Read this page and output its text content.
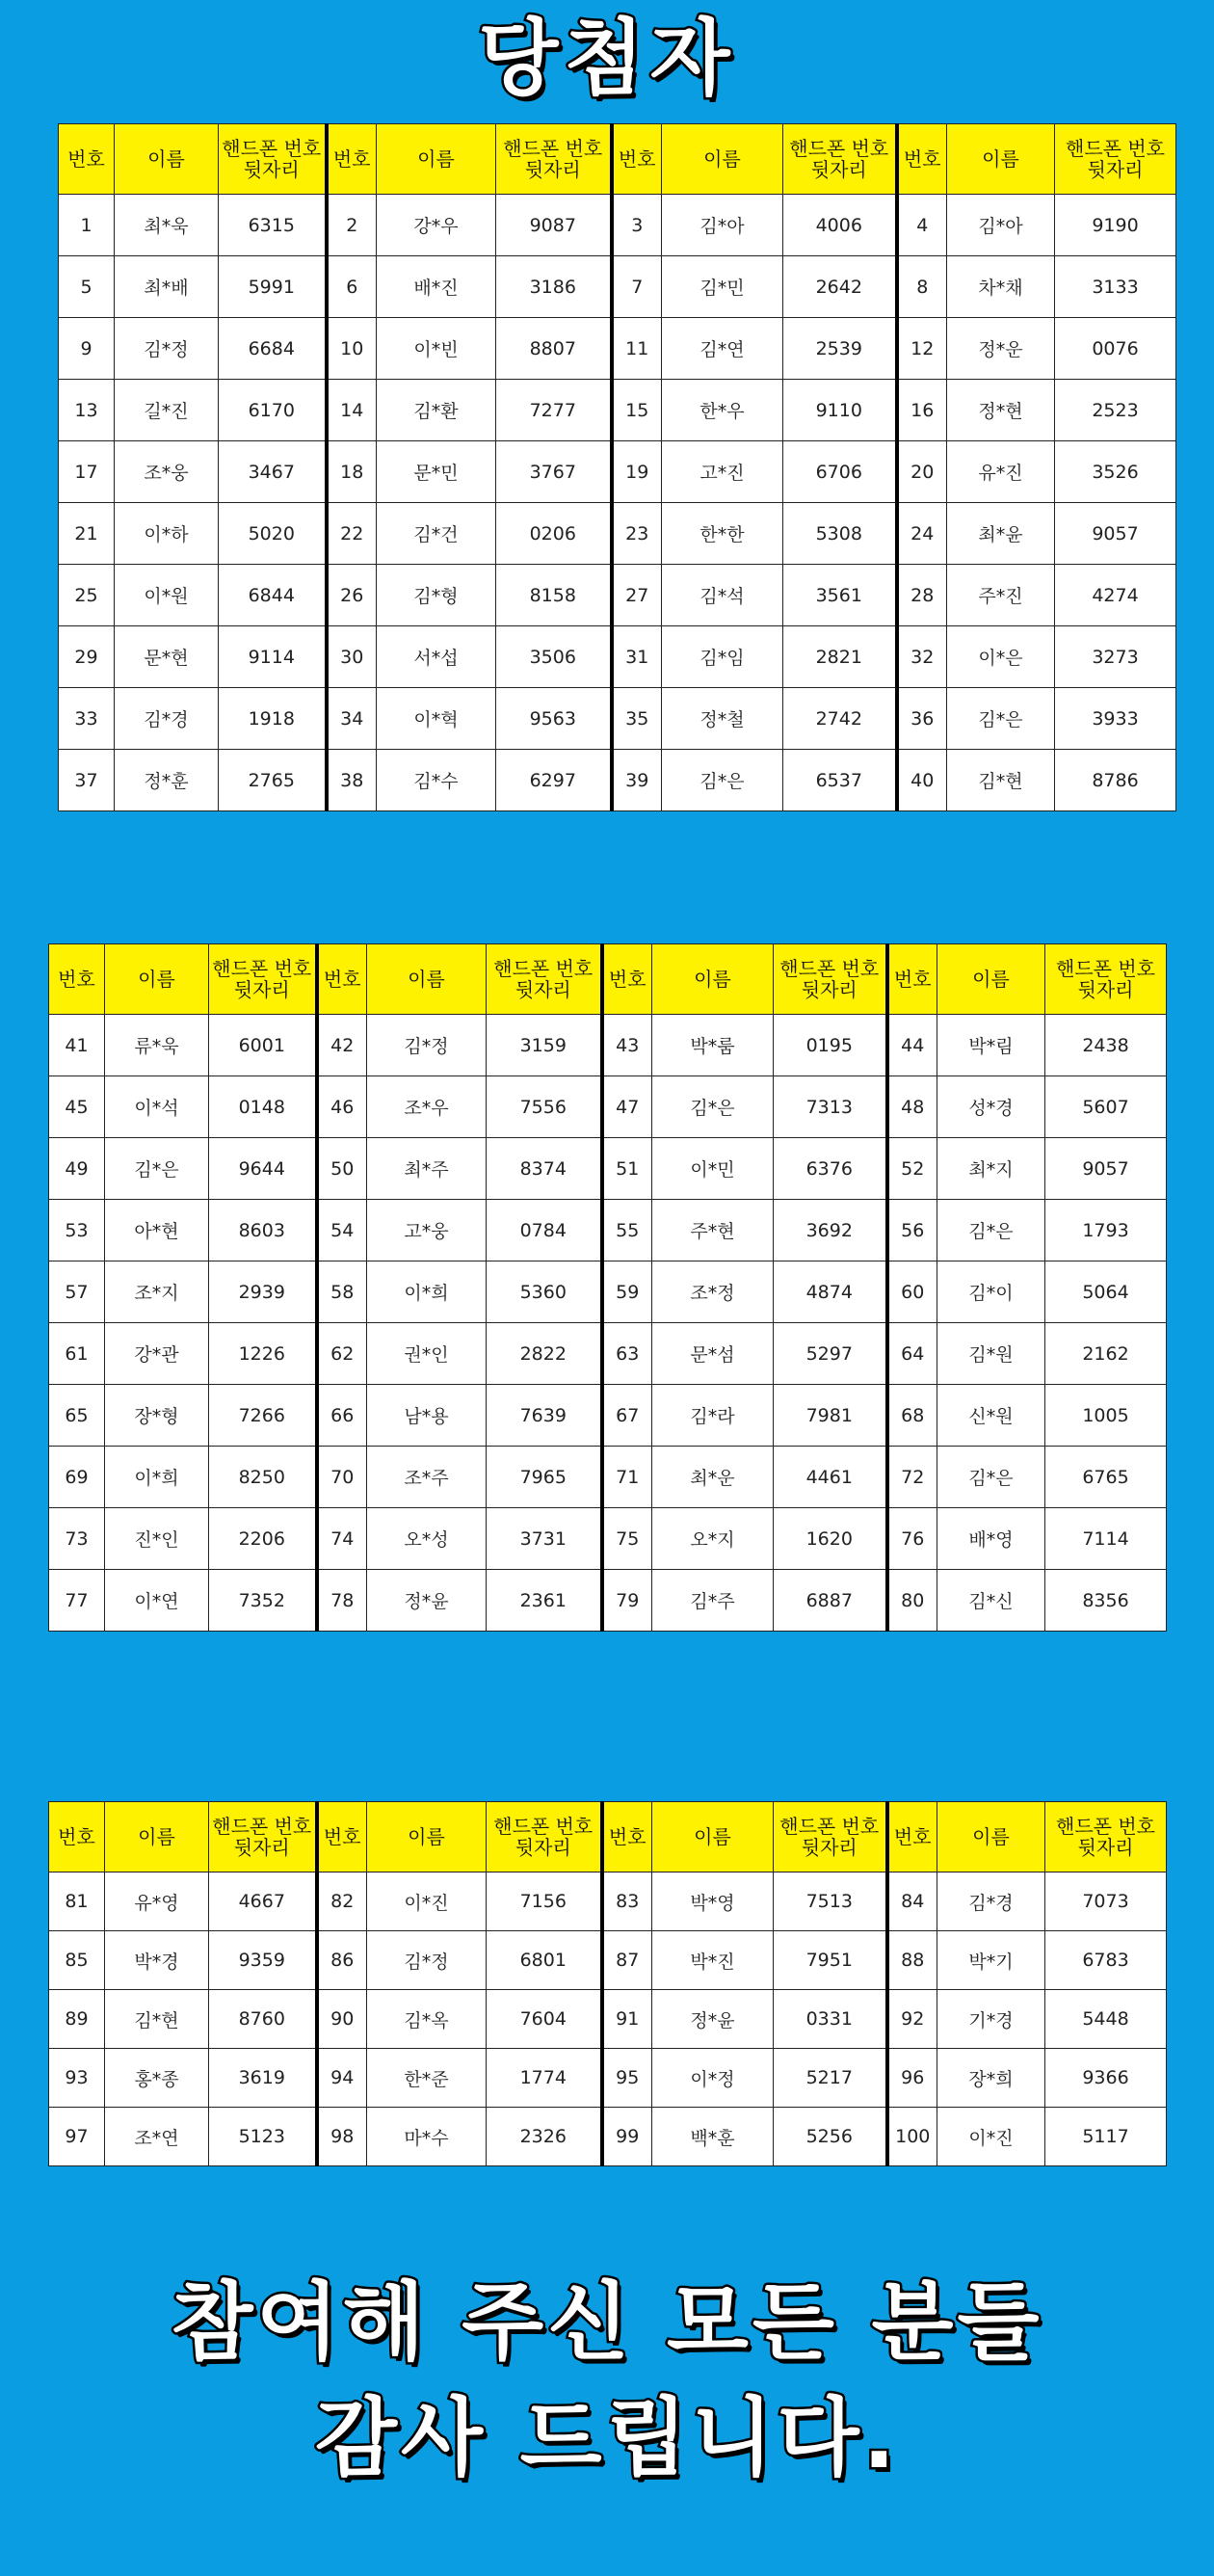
당첨자
번호	이름	핸드폰 번호 뒷자리	번호	이름	핸드폰 번호 뒷자리	번호	이름	핸드폰 번호 뒷자리	번호	이름	핸드폰 번호 뒷자리
1	최*욱	6315	2	강*우	9087	3	김*아	4006	4	김*아	9190
5	최*배	5991	6	배*진	3186	7	김*민	2642	8	차*채	3133
9	김*정	6684	10	이*빈	8807	11	김*연	2539	12	정*운	0076
13	길*진	6170	14	김*환	7277	15	한*우	9110	16	정*현	2523
17	조*웅	3467	18	문*민	3767	19	고*진	6706	20	유*진	3526
21	이*하	5020	22	김*건	0206	23	한*한	5308	24	최*윤	9057
25	이*원	6844	26	김*형	8158	27	김*석	3561	28	주*진	4274
29	문*현	9114	30	서*섭	3506	31	김*임	2821	32	이*은	3273
33	김*경	1918	34	이*혁	9563	35	정*철	2742	36	김*은	3933
37	정*훈	2765	38	김*수	6297	39	김*은	6537	40	김*현	8786
번호	이름	핸드폰 번호 뒷자리	번호	이름	핸드폰 번호 뒷자리	번호	이름	핸드폰 번호 뒷자리	번호	이름	핸드폰 번호 뒷자리
41	류*욱	6001	42	김*정	3159	43	박*룸	0195	44	박*림	2438
45	이*석	0148	46	조*우	7556	47	김*은	7313	48	성*경	5607
49	김*은	9644	50	최*주	8374	51	이*민	6376	52	최*지	9057
53	아*현	8603	54	고*웅	0784	55	주*현	3692	56	김*은	1793
57	조*지	2939	58	이*희	5360	59	조*정	4874	60	김*이	5064
61	강*관	1226	62	권*인	2822	63	문*섬	5297	64	김*원	2162
65	장*형	7266	66	남*용	7639	67	김*라	7981	68	신*원	1005
69	이*희	8250	70	조*주	7965	71	최*운	4461	72	김*은	6765
73	진*인	2206	74	오*성	3731	75	오*지	1620	76	배*영	7114
77	이*연	7352	78	정*윤	2361	79	김*주	6887	80	김*신	8356
번호	이름	핸드폰 번호 뒷자리	번호	이름	핸드폰 번호 뒷자리	번호	이름	핸드폰 번호 뒷자리	번호	이름	핸드폰 번호 뒷자리
81	유*영	4667	82	이*진	7156	83	박*영	7513	84	김*경	7073
85	박*경	9359	86	김*정	6801	87	박*진	7951	88	박*기	6783
89	김*현	8760	90	김*옥	7604	91	정*윤	0331	92	기*경	5448
93	홍*종	3619	94	한*준	1774	95	이*정	5217	96	장*희	9366
97	조*연	5123	98	마*수	2326	99	백*훈	5256	100	이*진	5117
참여해 주신 모든 분들
감사 드립니다.
